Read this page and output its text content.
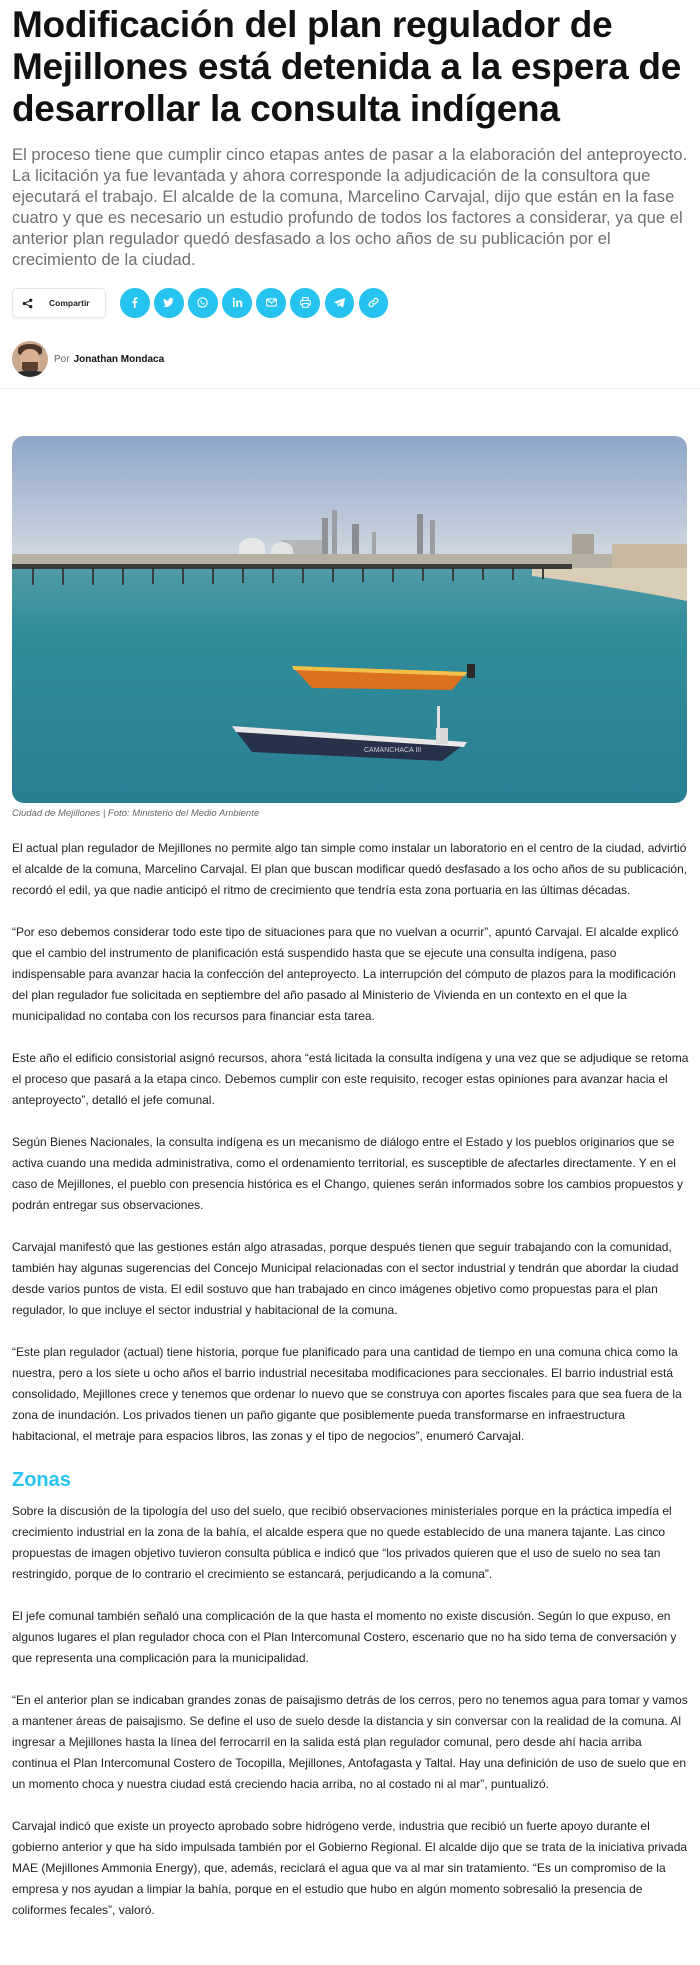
Modificación del plan regulador de Mejillones está detenida a la espera de desarrollar la consulta indígena

El proceso tiene que cumplir cinco etapas antes de pasar a la elaboración del anteproyecto. La licitación ya fue levantada y ahora corresponde la adjudicación de la consultora que ejecutará el trabajo. El alcalde de la comuna, Marcelino Carvajal, dijo que están en la fase cuatro y que es necesario un estudio profundo de todos los factores a considerar, ya que el anterior plan regulador quedó desfasado a los ocho años de su publicación por el crecimiento de la ciudad.

Compartir
Por Jonathan Mondaca
CAMANCHACA III
Ciudad de Mejillones | Foto: Ministerio del Medio Ambiente

El actual plan regulador de Mejillones no permite algo tan simple como instalar un laboratorio en el centro de la ciudad, advirtió el alcalde de la comuna, Marcelino Carvajal. El plan que buscan modificar quedó desfasado a los ocho años de su publicación, recordó el edil, ya que nadie anticipó el ritmo de crecimiento que tendría esta zona portuaria en las últimas décadas.

“Por eso debemos considerar todo este tipo de situaciones para que no vuelvan a ocurrir”, apuntó Carvajal. El alcalde explicó que el cambio del instrumento de planificación está suspendido hasta que se ejecute una consulta indígena, paso indispensable para avanzar hacia la confección del anteproyecto. La interrupción del cómputo de plazos para la modificación del plan regulador fue solicitada en septiembre del año pasado al Ministerio de Vivienda en un contexto en el que la municipalidad no contaba con los recursos para financiar esta tarea.

Este año el edificio consistorial asignó recursos, ahora “está licitada la consulta indígena y una vez que se adjudique se retoma el proceso que pasará a la etapa cinco. Debemos cumplir con este requisito, recoger estas opiniones para avanzar hacia el anteproyecto”, detalló el jefe comunal.

Según Bienes Nacionales, la consulta indígena es un mecanismo de diálogo entre el Estado y los pueblos originarios que se activa cuando una medida administrativa, como el ordenamiento territorial, es susceptible de afectarles directamente. Y en el caso de Mejillones, el pueblo con presencia histórica es el Chango, quienes serán informados sobre los cambios propuestos y podrán entregar sus observaciones.

Carvajal manifestó que las gestiones están algo atrasadas, porque después tienen que seguir trabajando con la comunidad, también hay algunas sugerencias del Concejo Municipal relacionadas con el sector industrial y tendrán que abordar la ciudad desde varios puntos de vista. El edil sostuvo que han trabajado en cinco imágenes objetivo como propuestas para el plan regulador, lo que incluye el sector industrial y habitacional de la comuna.

“Este plan regulador (actual) tiene historia, porque fue planificado para una cantidad de tiempo en una comuna chica como la nuestra, pero a los siete u ocho años el barrio industrial necesitaba modificaciones para seccionales. El barrio industrial está consolidado, Mejillones crece y tenemos que ordenar lo nuevo que se construya con aportes fiscales para que sea fuera de la zona de inundación. Los privados tienen un paño gigante que posiblemente pueda transformarse en infraestructura habitacional, el metraje para espacios libros, las zonas y el tipo de negocios”, enumeró Carvajal.

Zonas

Sobre la discusión de la tipología del uso del suelo, que recibió observaciones ministeriales porque en la práctica impedía el crecimiento industrial en la zona de la bahía, el alcalde espera que no quede establecido de una manera tajante. Las cinco propuestas de imagen objetivo tuvieron consulta pública e indicó que “los privados quieren que el uso de suelo no sea tan restringido, porque de lo contrario el crecimiento se estancará, perjudicando a la comuna”.

El jefe comunal también señaló una complicación de la que hasta el momento no existe discusión. Según lo que expuso, en algunos lugares el plan regulador choca con el Plan Intercomunal Costero, escenario que no ha sido tema de conversación y que representa una complicación para la municipalidad.

“En el anterior plan se indicaban grandes zonas de paisajismo detrás de los cerros, pero no tenemos agua para tomar y vamos a mantener áreas de paisajismo. Se define el uso de suelo desde la distancia y sin conversar con la realidad de la comuna. Al ingresar a Mejillones hasta la línea del ferrocarril en la salida está plan regulador comunal, pero desde ahí hacia arriba continua el Plan Intercomunal Costero de Tocopilla, Mejillones, Antofagasta y Taltal. Hay una definición de uso de suelo que en un momento choca y nuestra ciudad está creciendo hacia arriba, no al costado ni al mar”, puntualizó.

Carvajal indicó que existe un proyecto aprobado sobre hidrógeno verde, industria que recibió un fuerte apoyo durante el gobierno anterior y que ha sido impulsada también por el Gobierno Regional. El alcalde dijo que se trata de la iniciativa privada MAE (Mejillones Ammonia Energy), que, además, reciclará el agua que va al mar sin tratamiento. “Es un compromiso de la empresa y nos ayudan a limpiar la bahía, porque en el estudio que hubo en algún momento sobresalió la presencia de coliformes fecales”, valoró.
